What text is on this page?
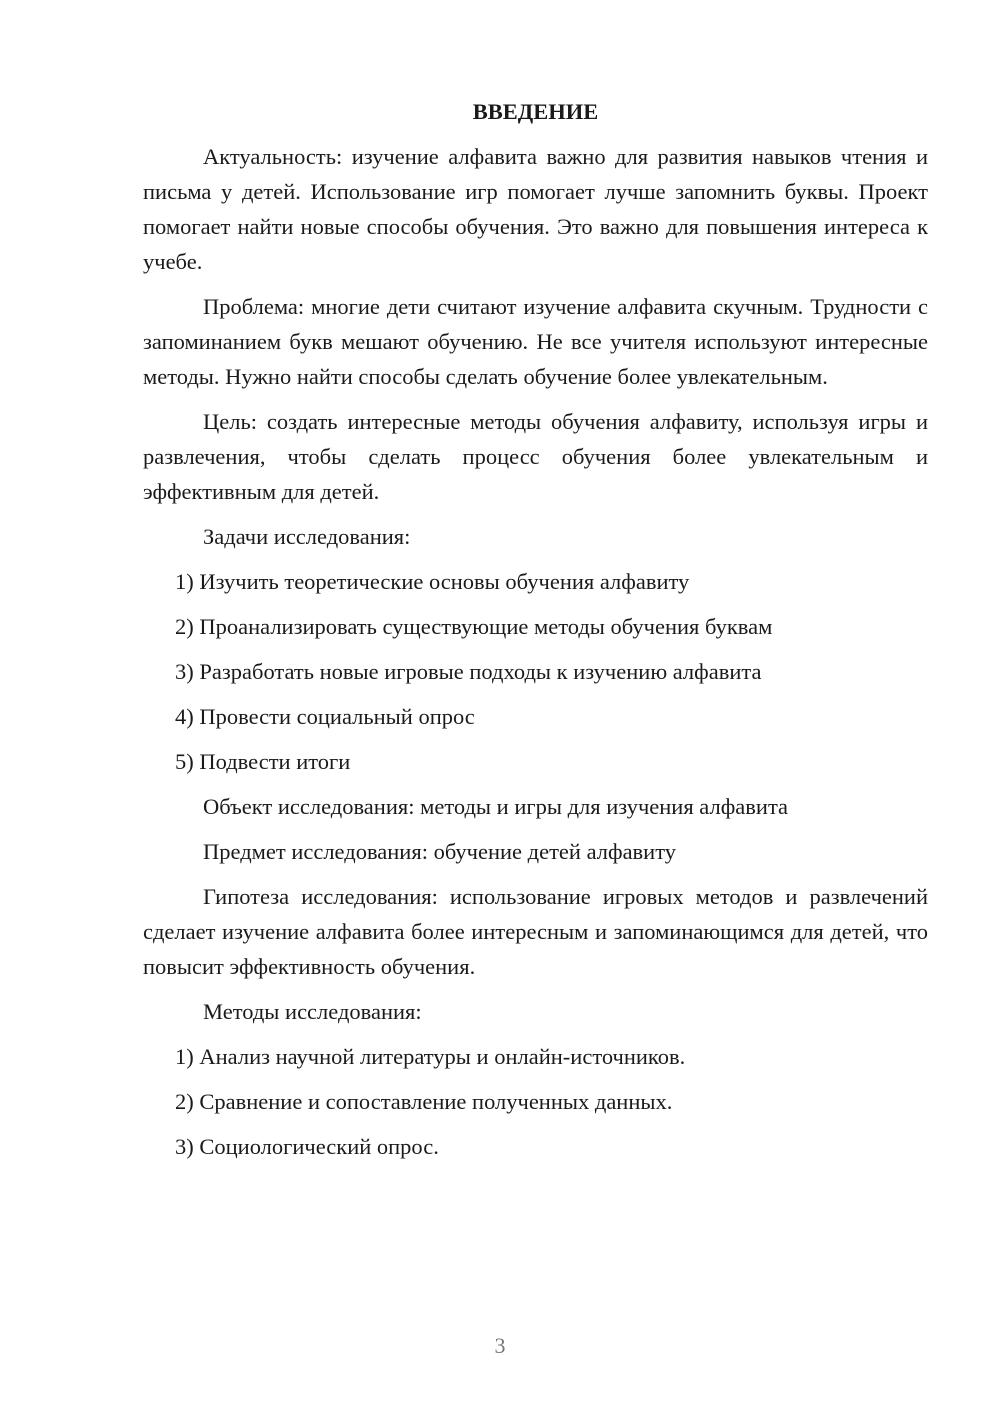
ВВЕДЕНИЕ

Актуальность: изучение алфавита важно для развития навыков чтения и письма у детей. Использование игр помогает лучше запомнить буквы. Проект помогает найти новые способы обучения. Это важно для повышения интереса к учебе.

Проблема: многие дети считают изучение алфавита скучным. Трудности с запоминанием букв мешают обучению. Не все учителя используют интересные методы. Нужно найти способы сделать обучение более увлекательным.

Цель: создать интересные методы обучения алфавиту, используя игры и развлечения, чтобы сделать процесс обучения более увлекательным и эффективным для детей.

Задачи исследования:

1) Изучить теоретические основы обучения алфавиту
2) Проанализировать существующие методы обучения буквам
3) Разработать новые игровые подходы к изучению алфавита
4) Провести социальный опрос
5) Подвести итоги

Объект исследования: методы и игры для изучения алфавита

Предмет исследования: обучение детей алфавиту

Гипотеза исследования: использование игровых методов и развлечений сделает изучение алфавита более интересным и запоминающимся для детей, что повысит эффективность обучения.

Методы исследования:

1) Анализ научной литературы и онлайн-источников.
2) Сравнение и сопоставление полученных данных.
3) Социологический опрос.
3
